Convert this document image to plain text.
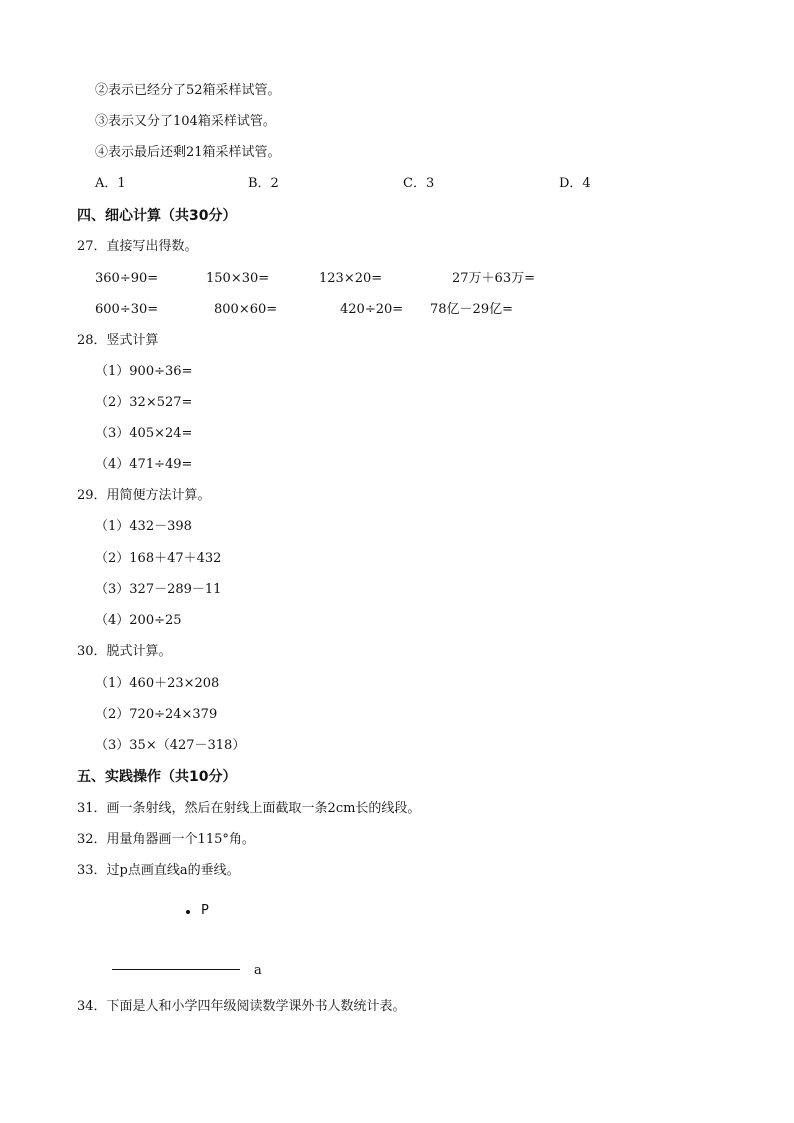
②表示已经分了52箱采样试管。
③表示又分了104箱采样试管。
④表示最后还剩21箱采样试管。
A．1	B．2	C．3	D．4
四、细心计算（共30分）
27．直接写出得数。
360÷90=	150×30=	123×20=	27万＋63万=
600÷30=	800×60=	420÷20= 78亿－29亿=
28．竖式计算
（1）900÷36=
（2）32×527=
（3）405×24=
（4）471÷49=
29．用简便方法计算。
（1）432－398
（2）168＋47＋432
（3）327－289－11
（4）200÷25
30．脱式计算。
（1）460＋23×208
（2）720÷24×379
（3）35×（427－318）
五、实践操作（共10分）
31．画一条射线，然后在射线上面截取一条2cm长的线段。
32．用量角器画一个115°角。
33．过p点画直线a的垂线。
P
a
34．下面是人和小学四年级阅读数学课外书人数统计表。
